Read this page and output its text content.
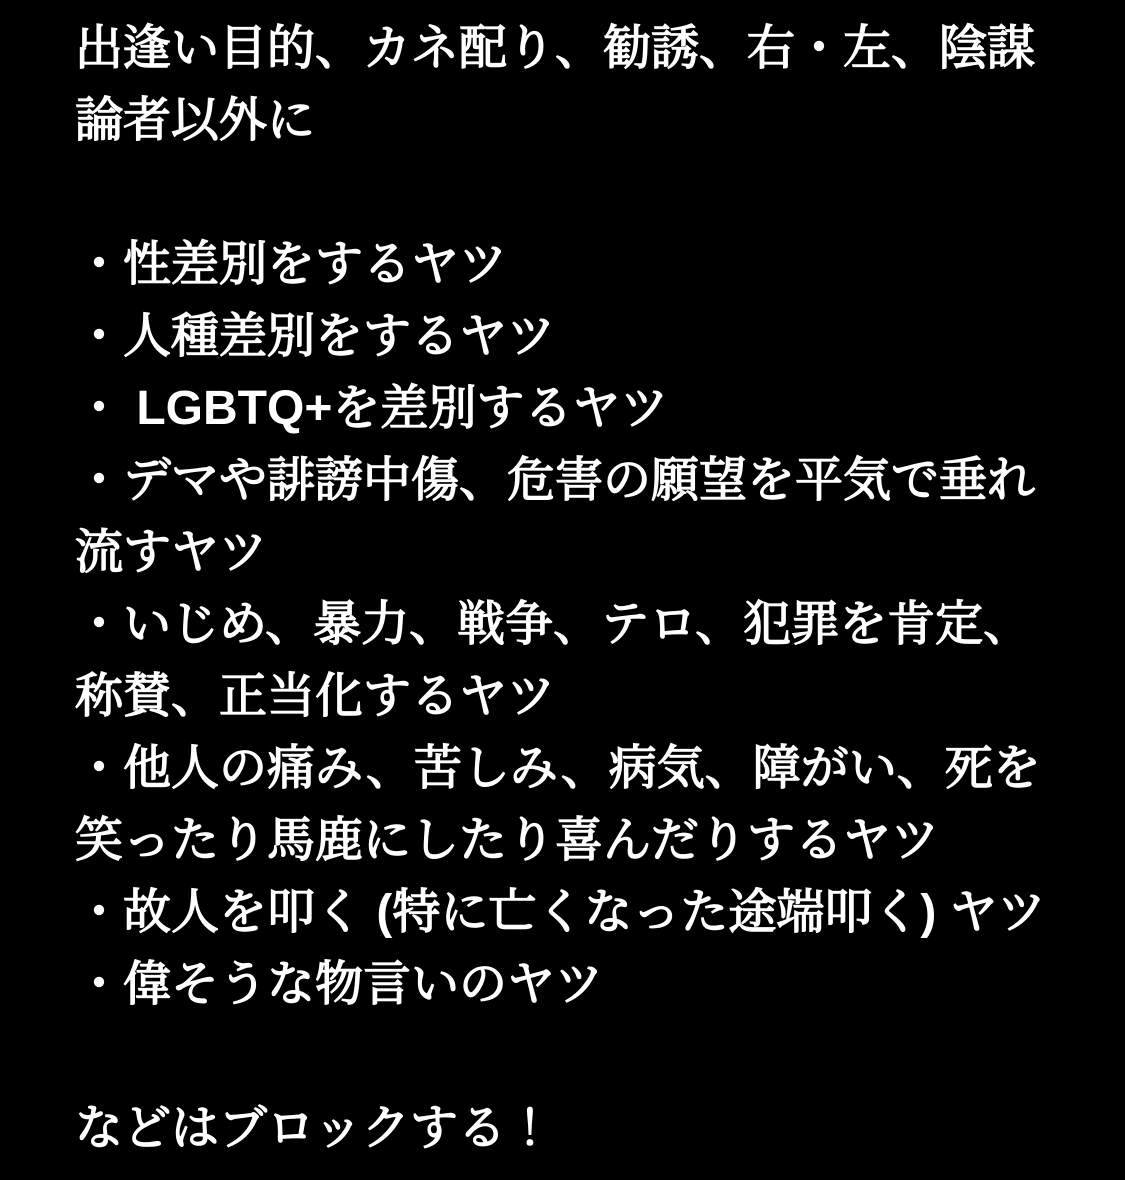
出逢い目的、カネ配り、勧誘、右・左、陰謀論者以外に

・性差別をするヤツ

・人種差別をするヤツ

・ LGBTQ+を差別するヤツ

・デマや誹謗中傷、危害の願望を平気で垂れ流すヤツ

・いじめ、暴力、戦争、テロ、犯罪を肯定、称賛、正当化するヤツ

・他人の痛み、苦しみ、病気、障がい、死を笑ったり馬鹿にしたり喜んだりするヤツ

・故人を叩く (特に亡くなった途端叩く) ヤツ

・偉そうな物言いのヤツ

などはブロックする！
